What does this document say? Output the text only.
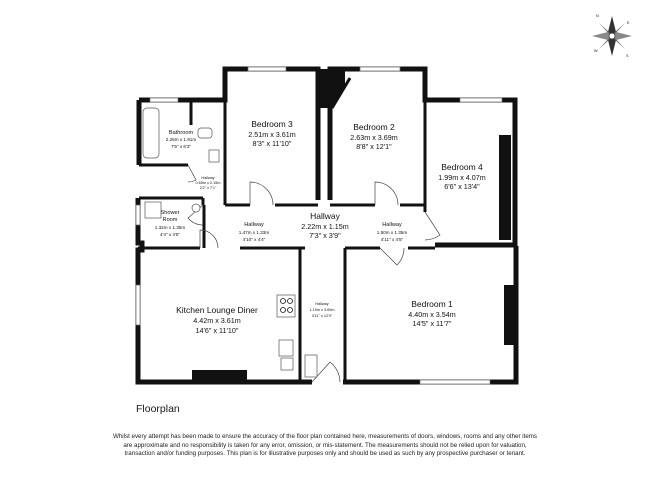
N
E
S
W
Bathroom
2.26m x 1.91m
7'5" x 6'3"
Hallway
0.65m x 2.15m
2'2" x 7'1"
Shower
Room
1.32m x 1.35m
4'4" x 4'5"
Bedroom 3
2.51m x 3.61m
8'3" x 11'10"
Bedroom 2
2.63m x 3.69m
8'8" x 12'1"
Bedroom 4
1.99m x 4.07m
6'6" x 13'4"
Hallway
1.47m x 1.33m
4'10" x 4'4"
Hallway
2.22m x 1.15m
7'3" x 3'9"
Hallway
1.50m x 1.35m
4'11" x 4'5"
Hallway
1.19m x 3.69m
3'11" x 12'0"
Kitchen Lounge Diner
4.42m x 3.61m
14'6" x 11'10"
Bedroom 1
4.40m x 3.54m
14'5" x 11'7"
Floorplan
Whilst every attempt has been made to ensure the accuracy of the floor plan contained here, measurements of doors, windows, rooms and any other items are approximate and no responsibility is taken for any error, omission, or mis-statement. The measurements should not be relied upon for valuation, transaction and/or funding purposes. This plan is for illustrative purposes only and should be used as such by any prospective purchaser or tenant.
